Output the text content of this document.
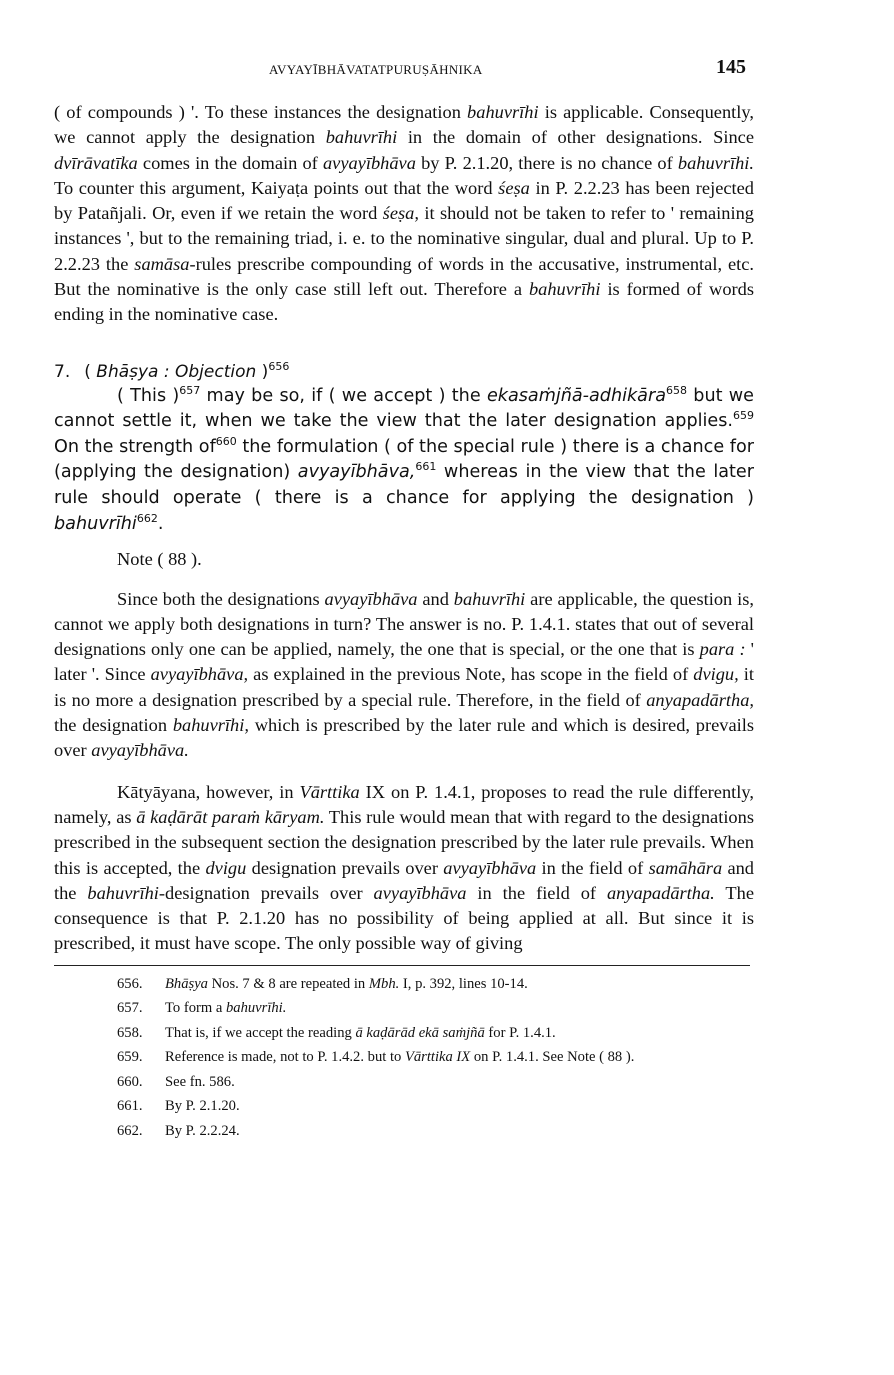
AVYAYĪBHĀVATATPURUṢĀHNIKA	145

( of compounds ) '. To these instances the designation bahuvrīhi is applicable. Consequently, we cannot apply the designation bahuvrīhi in the domain of other designations. Since dvīrāvatīka comes in the domain of avyayībhāva by P. 2.1.20, there is no chance of bahuvrīhi. To counter this argument, Kaiyaṭa points out that the word śeṣa in P. 2.2.23 has been rejected by Patañjali. Or, even if we retain the word śeṣa, it should not be taken to refer to ' remaining instances ', but to the remaining triad, i. e. to the nominative singular, dual and plural. Up to P. 2.2.23 the samāsa-rules prescribe compounding of words in the accusative, instrumental, etc. But the nominative is the only case still left out. Therefore a bahuvrīhi is formed of words ending in the nominative case.

7. ( Bhāṣya : Objection )$^{656}$

( This )$^{657}$ may be so, if ( we accept ) the ekasaṁjñā-adhikāra$^{658}$ but we cannot settle it, when we take the view that the later designation applies.$^{659}$ On the strength $of^{660}$ the formulation ( of the special rule ) there is a chance for (applying the designation) avyayībhāva,$^{661}$ whereas in the view that the later rule should operate ( there is a chance for applying the designation ) bahuvrīhi$^{662}$.

Note ( 88 ).

Since both the designations avyayībhāva and bahuvrīhi are applicable, the question is, cannot we apply both designations in turn? The answer is no. P. 1.4.1. states that out of several designations only one can be applied, namely, the one that is special, or the one that is para : ' later '. Since avyayībhāva, as explained in the previous Note, has scope in the field of dvigu, it is no more a designation prescribed by a special rule. Therefore, in the field of anyapadārtha, the designation bahuvrīhi, which is prescribed by the later rule and which is desired, prevails over avyayībhāva.

Kātyāyana, however, in Vārttika IX on P. 1.4.1, proposes to read the rule differently, namely, as ā kaḍārāt paraṁ kāryam. This rule would mean that with regard to the designations prescribed in the subsequent section the designation prescribed by the later rule prevails. When this is accepted, the dvigu designation prevails over avyayībhāva in the field of samāhāra and the bahuvrīhi-designation prevails over avyayībhāva in the field of anyapadārtha. The consequence is that P. 2.1.20 has no possibility of being applied at all. But since it is prescribed, it must have scope. The only possible way of giving

656. Bhāṣya Nos. 7 & 8 are repeated in Mbh. I, p. 392, lines 10-14.

657. To form a bahuvrīhi.

658. That is, if we accept the reading ā kaḍārād ekā saṁjñā for P. 1.4.1.

659. Reference is made, not to P. 1.4.2. but to Vārttika IX on P. 1.4.1. See Note ( 88 ).

660. See fn. 586.

661. By P. 2.1.20.

662. By P. 2.2.24.
